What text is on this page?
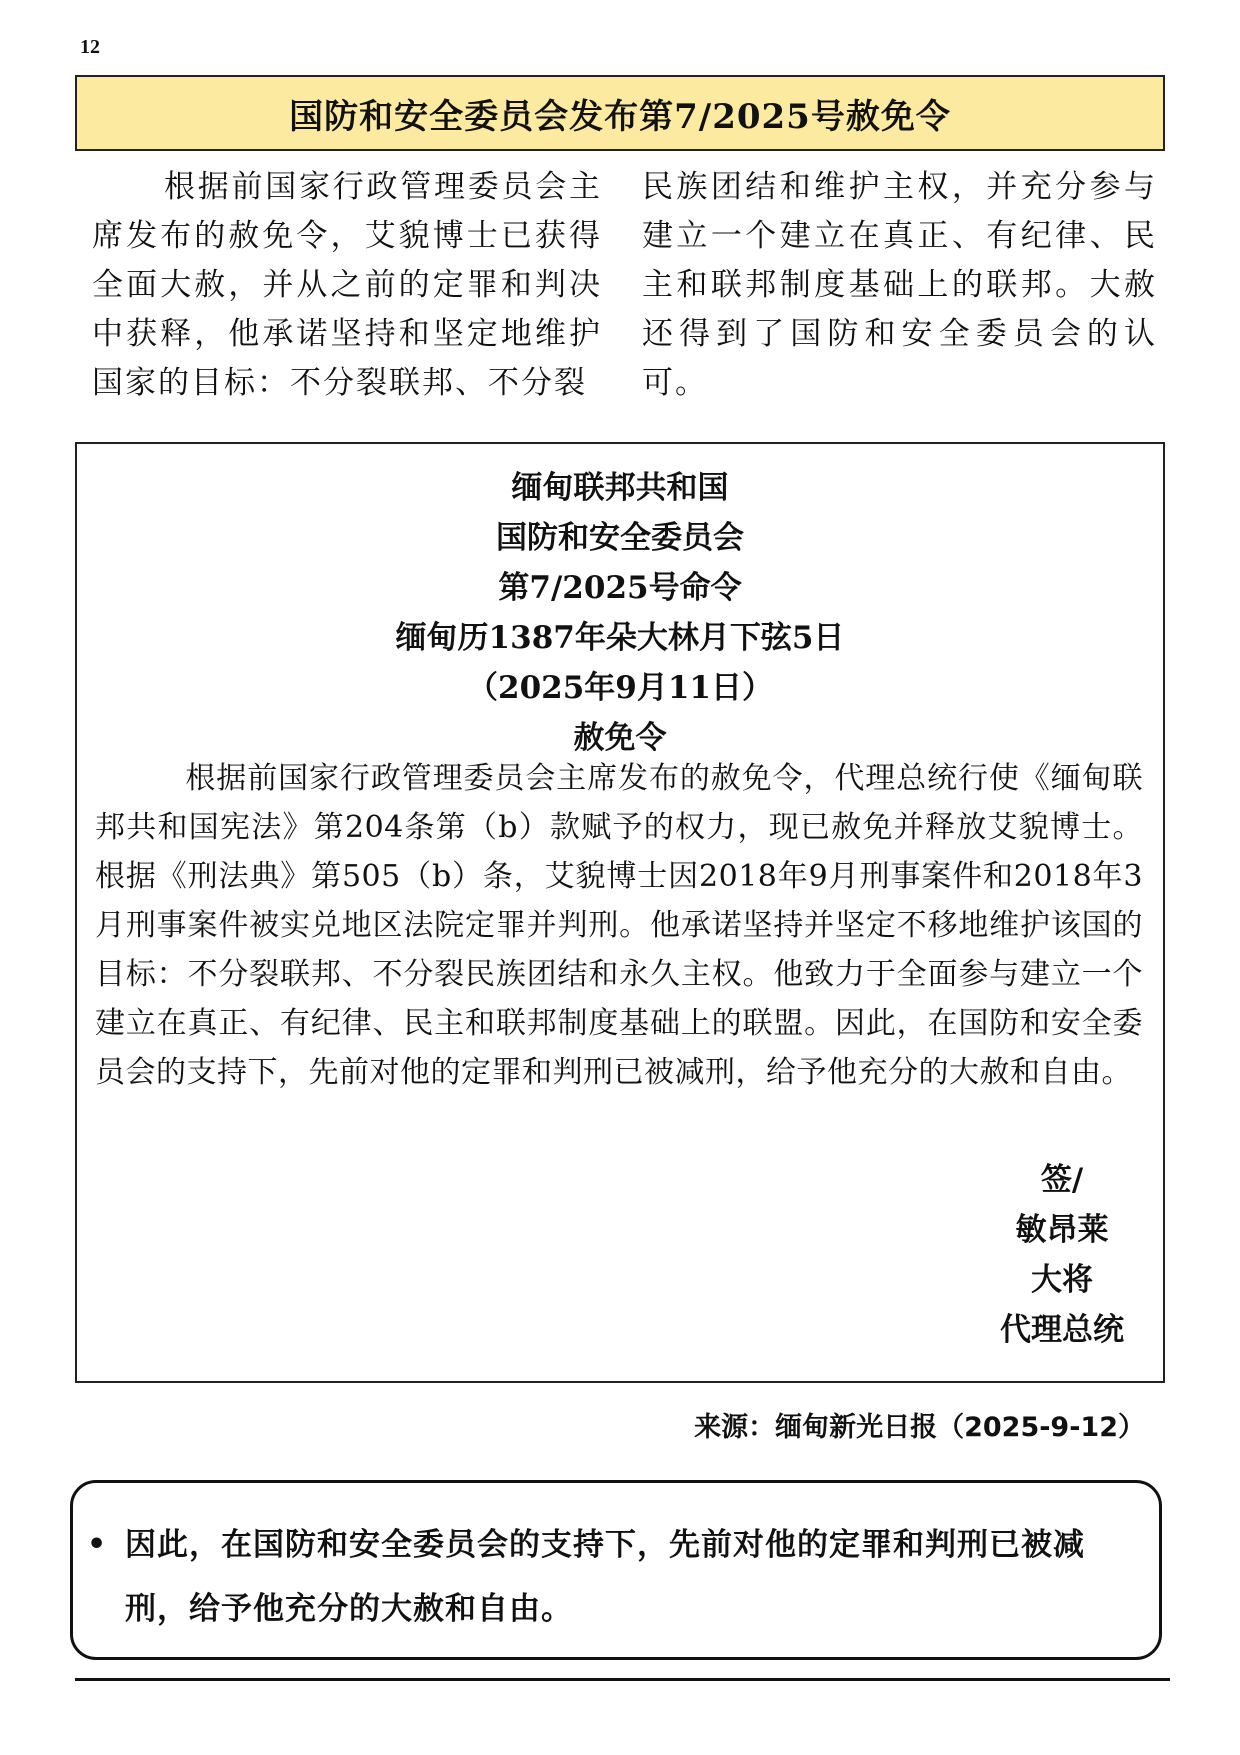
12
国防和安全委员会发布第7/2025号赦免令
根据前国家行政管理委员会主席发布的赦免令，艾貌博士已获得全面大赦，并从之前的定罪和判决中获释，他承诺坚持和坚定地维护国家的目标：不分裂联邦、不分裂
民族团结和维护主权，并充分参与建立一个建立在真正、有纪律、民主和联邦制度基础上的联邦。大赦还得到了国防和安全委员会的认可。
缅甸联邦共和国
国防和安全委员会
第7/2025号命令
缅甸历1387年朵大林月下弦5日
（2025年9月11日）
赦免令
根据前国家行政管理委员会主席发布的赦免令，代理总统行使《缅甸联邦共和国宪法》第204条第（b）款赋予的权力，现已赦免并释放艾貌博士。根据《刑法典》第505（b）条，艾貌博士因2018年9月刑事案件和2018年3月刑事案件被实兑地区法院定罪并判刑。他承诺坚持并坚定不移地维护该国的目标：不分裂联邦、不分裂民族团结和永久主权。他致力于全面参与建立一个建立在真正、有纪律、民主和联邦制度基础上的联盟。因此，在国防和安全委员会的支持下，先前对他的定罪和判刑已被减刑，给予他充分的大赦和自由。
签/
敏昂莱
大将
代理总统
来源：缅甸新光日报（2025-9-12）
• 因此，在国防和安全委员会的支持下，先前对他的定罪和判刑已被减刑，给予他充分的大赦和自由。
